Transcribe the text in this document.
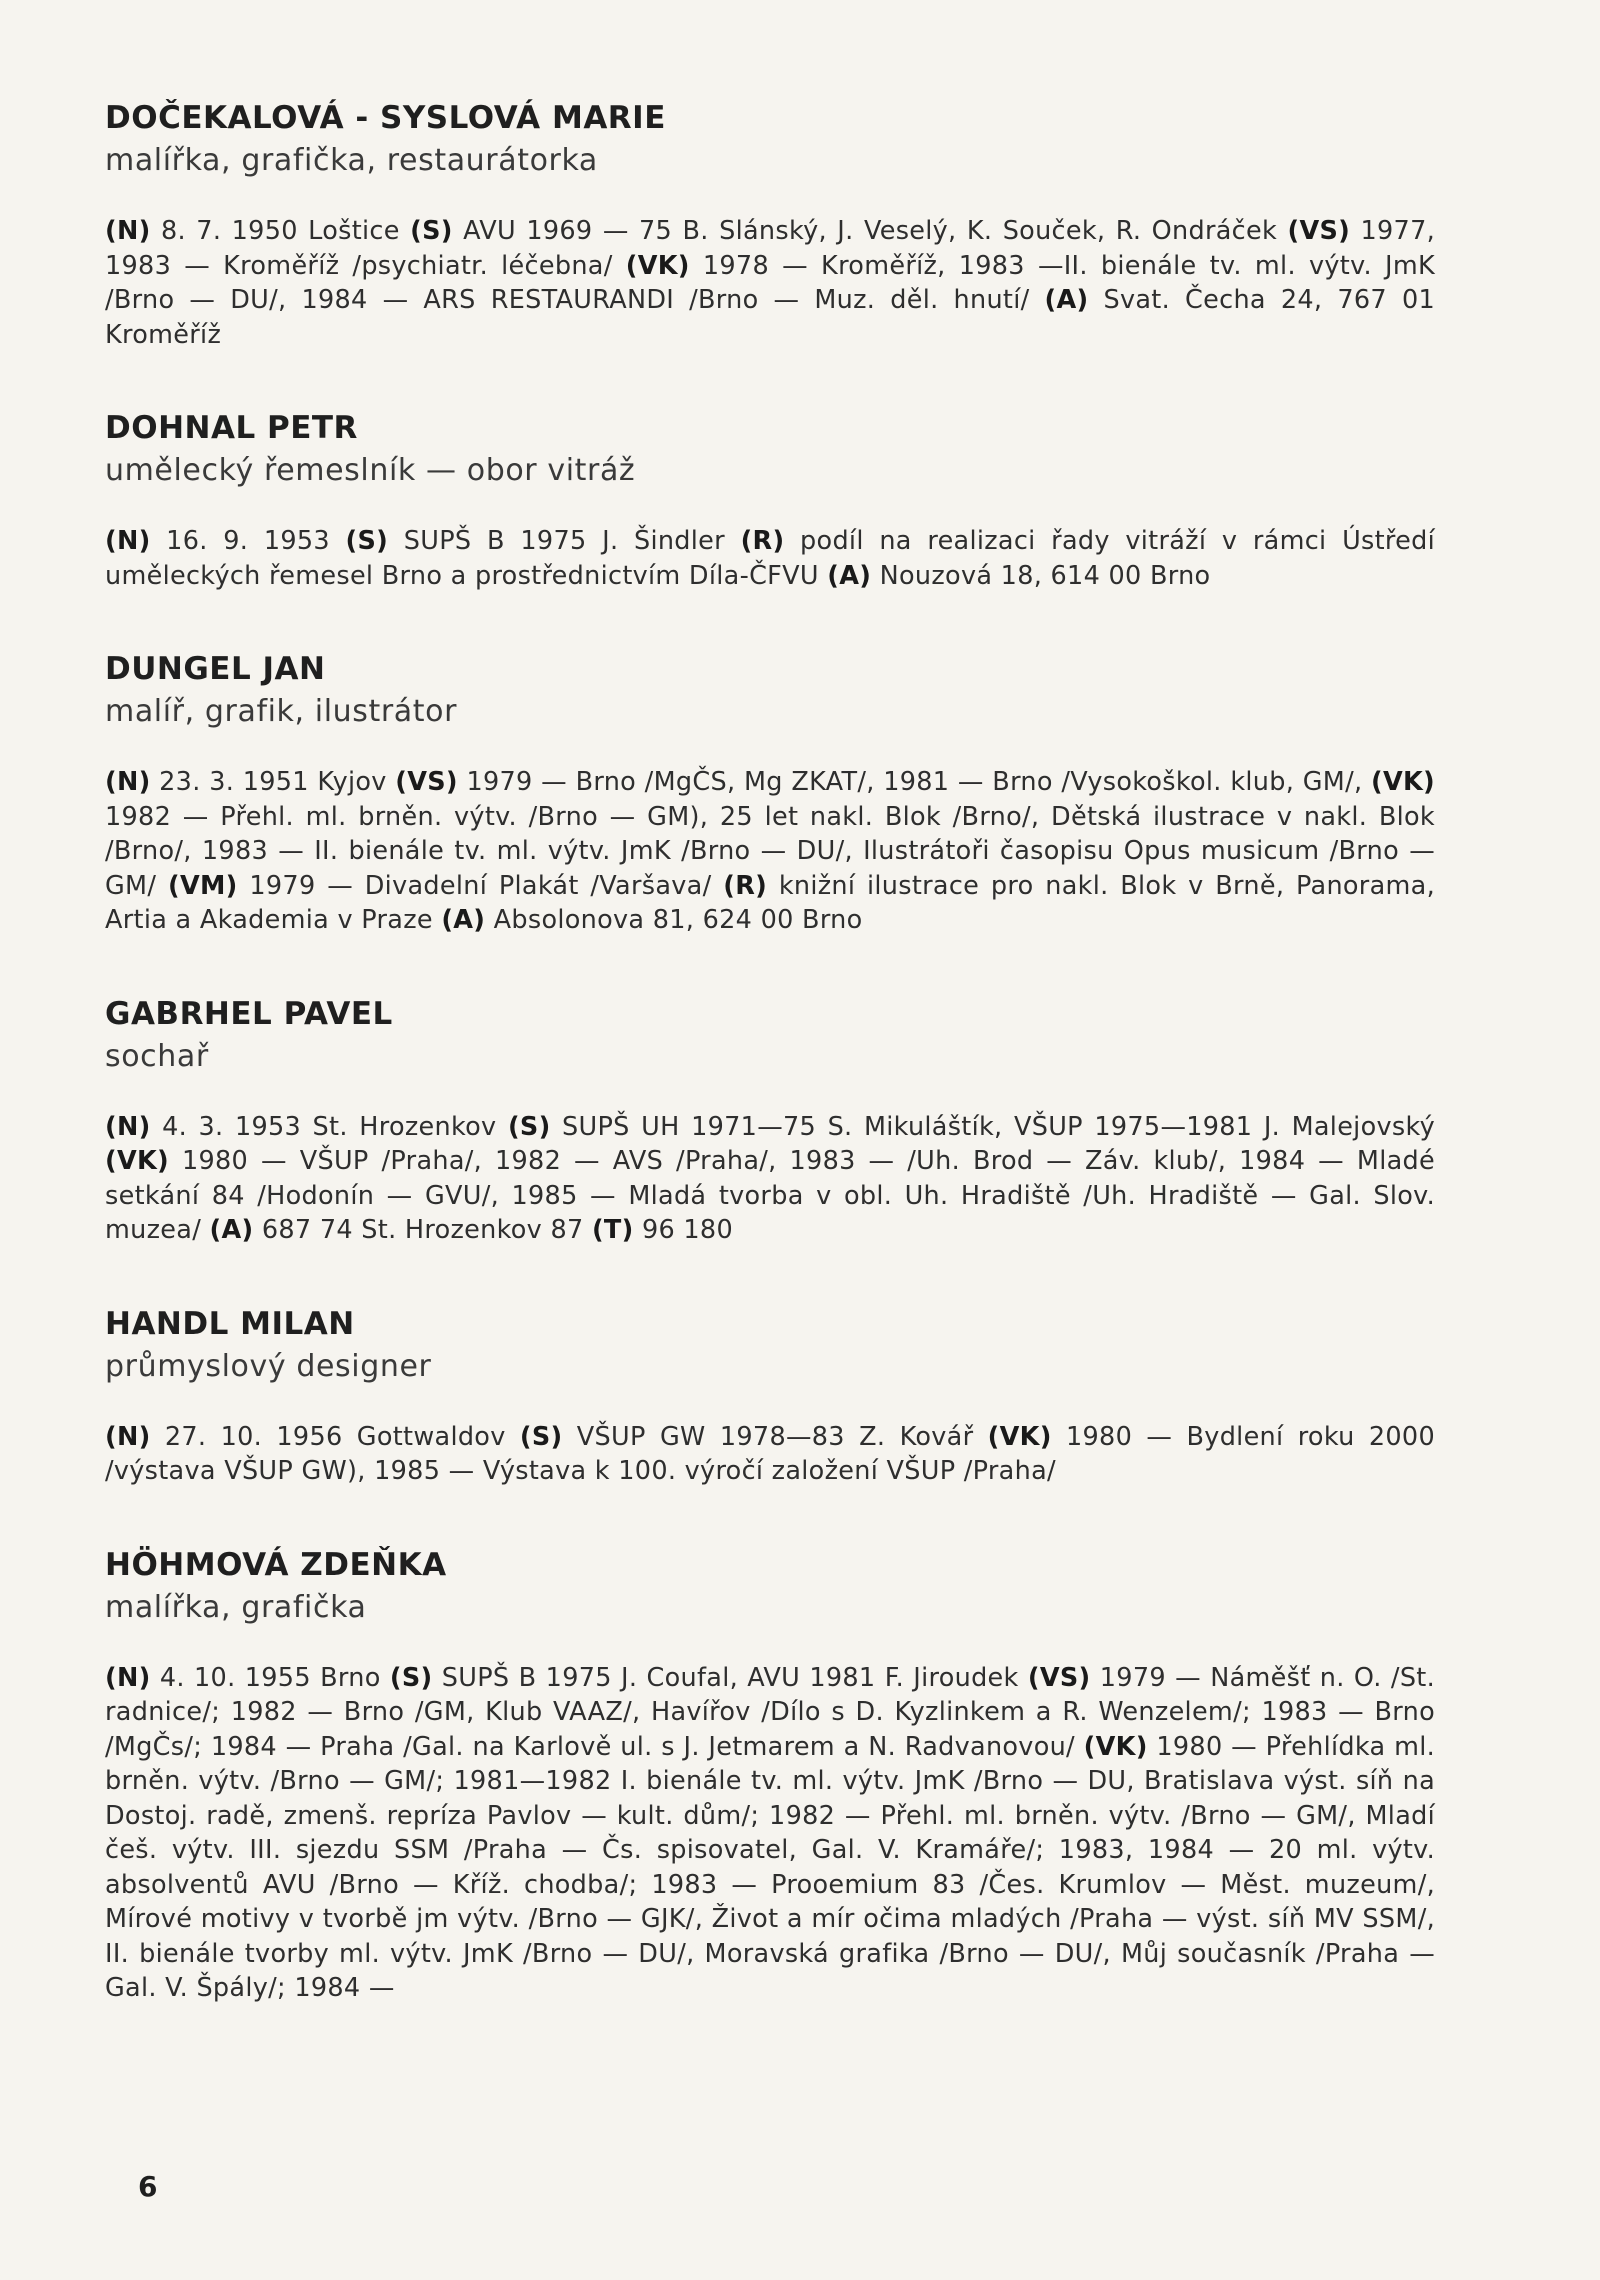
DOČEKALOVÁ - SYSLOVÁ MARIE
malířka, grafička, restaurátorka

(N) 8. 7. 1950 Loštice (S) AVU 1969 — 75 B. Slánský, J. Veselý, K. Souček, R. Ondráček (VS) 1977, 1983 — Kroměříž /psychiatr. léčebna/ (VK) 1978 — Kroměříž, 1983 —II. bienále tv. ml. výtv. JmK /Brno — DU/, 1984 — ARS RESTAURANDI /Brno — Muz. děl. hnutí/ (A) Svat. Čecha 24, 767 01 Kroměříž

DOHNAL PETR
umělecký řemeslník — obor vitráž

(N) 16. 9. 1953 (S) SUPŠ B 1975 J. Šindler (R) podíl na realizaci řady vitráží v rámci Ústředí uměleckých řemesel Brno a prostřednictvím Díla-ČFVU (A) Nouzová 18, 614 00 Brno

DUNGEL JAN
malíř, grafik, ilustrátor

(N) 23. 3. 1951 Kyjov (VS) 1979 — Brno /MgČS, Mg ZKAT/, 1981 — Brno /Vysokoškol. klub, GM/, (VK) 1982 — Přehl. ml. brněn. výtv. /Brno — GM), 25 let nakl. Blok /Brno/, Dětská ilustrace v nakl. Blok /Brno/, 1983 — II. bienále tv. ml. výtv. JmK /Brno — DU/, Ilustrátoři časopisu Opus musicum /Brno — GM/ (VM) 1979 — Divadelní Plakát /Varšava/ (R) knižní ilustrace pro nakl. Blok v Brně, Panorama, Artia a Akademia v Praze (A) Absolonova 81, 624 00 Brno

GABRHEL PAVEL
sochař

(N) 4. 3. 1953 St. Hrozenkov (S) SUPŠ UH 1971—75 S. Mikuláštík, VŠUP 1975—1981 J. Malejovský (VK) 1980 — VŠUP /Praha/, 1982 — AVS /Praha/, 1983 — /Uh. Brod — Záv. klub/, 1984 — Mladé setkání 84 /Hodonín — GVU/, 1985 — Mladá tvorba v obl. Uh. Hradiště /Uh. Hradiště — Gal. Slov. muzea/ (A) 687 74 St. Hrozenkov 87 (T) 96 180

HANDL MILAN
průmyslový designer

(N) 27. 10. 1956 Gottwaldov (S) VŠUP GW 1978—83 Z. Kovář (VK) 1980 — Bydlení roku 2000 /výstava VŠUP GW), 1985 — Výstava k 100. výročí založení VŠUP /Praha/

HÖHMOVÁ ZDEŇKA
malířka, grafička

(N) 4. 10. 1955 Brno (S) SUPŠ B 1975 J. Coufal, AVU 1981 F. Jiroudek (VS) 1979 — Náměšť n. O. /St. radnice/; 1982 — Brno /GM, Klub VAAZ/, Havířov /Dílo s D. Kyzlinkem a R. Wenzelem/; 1983 — Brno /MgČs/; 1984 — Praha /Gal. na Karlově ul. s J. Jetmarem a N. Radvanovou/ (VK) 1980 — Přehlídka ml. brněn. výtv. /Brno — GM/; 1981—1982 I. bienále tv. ml. výtv. JmK /Brno — DU, Bratislava výst. síň na Dostoj. radě, zmenš. repríza Pavlov — kult. dům/; 1982 — Přehl. ml. brněn. výtv. /Brno — GM/, Mladí češ. výtv. III. sjezdu SSM /Praha — Čs. spisovatel, Gal. V. Kramáře/; 1983, 1984 — 20 ml. výtv. absolventů AVU /Brno — Kříž. chodba/; 1983 — Prooemium 83 /Čes. Krumlov — Měst. muzeum/, Mírové motivy v tvorbě jm výtv. /Brno — GJK/, Život a mír očima mladých /Praha — výst. síň MV SSM/, II. bienále tvorby ml. výtv. JmK /Brno — DU/, Moravská grafika /Brno — DU/, Můj současník /Praha — Gal. V. Špály/; 1984 —

6
